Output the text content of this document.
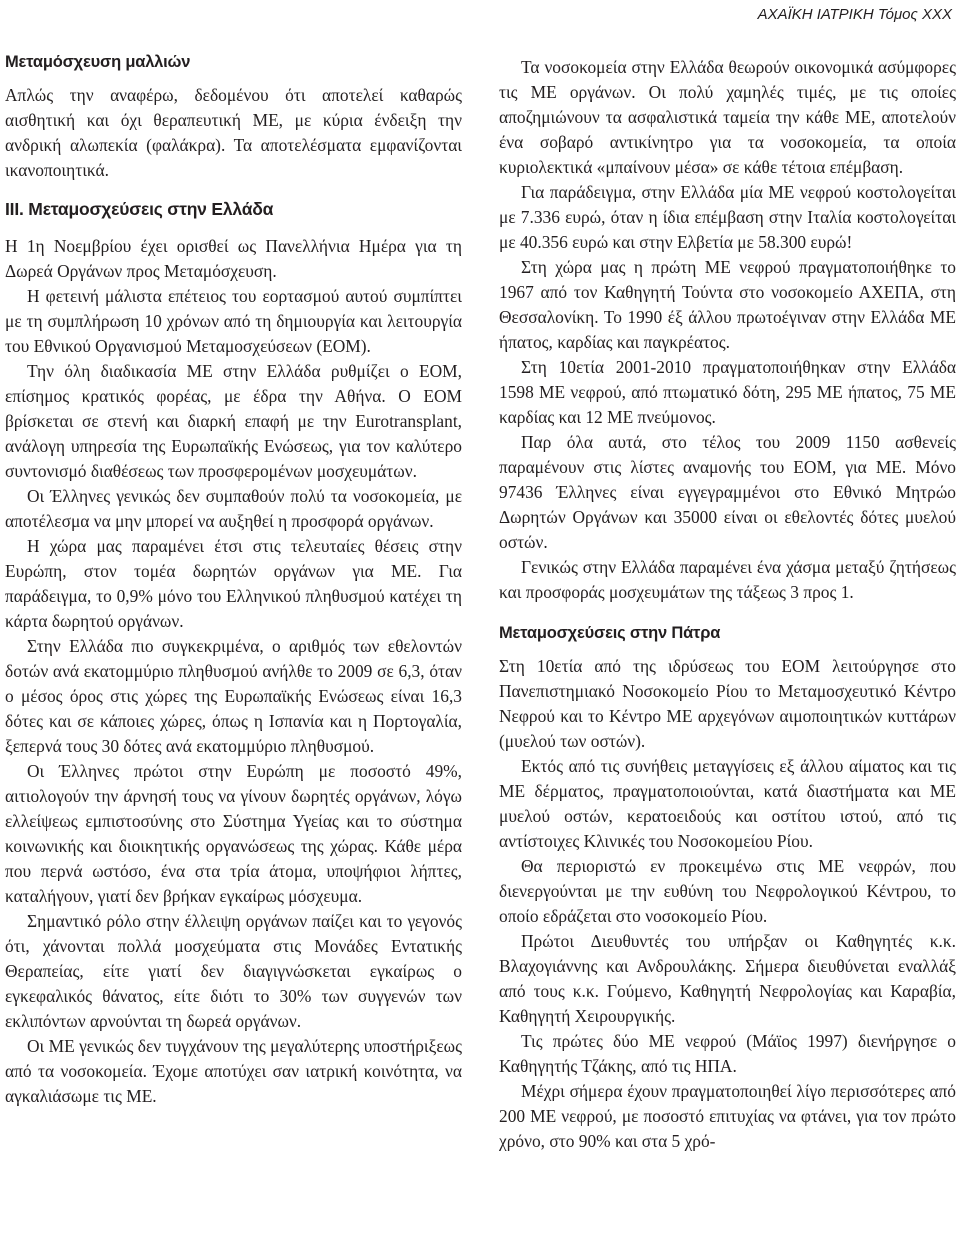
ΑΧΑΪΚΗ ΙΑΤΡΙΚΗ Τόμος XXX
Μεταμόσχευση μαλλιών

Απλώς την αναφέρω, δεδομένου ότι αποτελεί καθαρώς αισθητική και όχι θεραπευτική ΜΕ, με κύρια ένδειξη την ανδρική αλωπεκία (φαλάκρα). Τα αποτελέσματα εμφανίζονται ικανοποιητικά.

ΙΙΙ. Μεταμοσχεύσεις στην Ελλάδα

Η 1η Νοεμβρίου έχει ορισθεί ως Πανελλήνια Ημέρα για τη Δωρεά Οργάνων προς Μεταμόσχευση.

Η φετεινή μάλιστα επέτειος του εορτασμού αυτού συμπίπτει με τη συμπλήρωση 10 χρόνων από τη δημιουργία και λειτουργία του Εθνικού Οργανισμού Μεταμοσχεύσεων (ΕΟΜ).

Την όλη διαδικασία ΜΕ στην Ελλάδα ρυθμίζει ο ΕΟΜ, επίσημος κρατικός φορέας, με έδρα την Αθήνα. Ο ΕΟΜ βρίσκεται σε στενή και διαρκή επαφή με την Eurotransplant, ανάλογη υπηρεσία της Ευρωπαϊκής Ενώσεως, για τον καλύτερο συντονισμό διαθέσεως των προσφερομένων μοσχευμάτων.

Οι Έλληνες γενικώς δεν συμπαθούν πολύ τα νοσοκομεία, με αποτέλεσμα να μην μπορεί να αυξηθεί η προσφορά οργάνων.

Η χώρα μας παραμένει έτσι στις τελευταίες θέσεις στην Ευρώπη, στον τομέα δωρητών οργάνων για ΜΕ. Για παράδειγμα, το 0,9% μόνο του Ελληνικού πληθυσμού κατέχει τη κάρτα δωρητού οργάνων.

Στην Ελλάδα πιο συγκεκριμένα, ο αριθμός των εθελοντών δοτών ανά εκατομμύριο πληθυσμού ανήλθε το 2009 σε 6,3, όταν ο μέσος όρος στις χώρες της Ευρωπαϊκής Ενώσεως είναι 16,3 δότες και σε κάποιες χώρες, όπως η Ισπανία και η Πορτογαλία, ξεπερνά τους 30 δότες ανά εκατομμύριο πληθυσμού.

Οι Έλληνες πρώτοι στην Ευρώπη με ποσοστό 49%, αιτιολογούν την άρνησή τους να γίνουν δωρητές οργάνων, λόγω ελλείψεως εμπιστοσύνης στο Σύστημα Υγείας και το σύστημα κοινωνικής και διοικητικής οργανώσεως της χώρας. Κάθε μέρα που περνά ωστόσο, ένα στα τρία άτομα, υποψήφιοι λήπτες, καταλήγουν, γιατί δεν βρήκαν εγκαίρως μόσχευμα.

Σημαντικό ρόλο στην έλλειψη οργάνων παίζει και το γεγονός ότι, χάνονται πολλά μοσχεύματα στις Μονάδες Εντατικής Θεραπείας, είτε γιατί δεν διαγιγνώσκεται εγκαίρως ο εγκεφαλικός θάνατος, είτε διότι το 30% των συγγενών των εκλιπόντων αρνούνται τη δωρεά οργάνων.

Οι ΜΕ γενικώς δεν τυγχάνουν της μεγαλύτερης υποστήριξεως από τα νοσοκομεία. Έχομε αποτύχει σαν ιατρική κοινότητα, να αγκαλιάσωμε τις ΜΕ.

Τα νοσοκομεία στην Ελλάδα θεωρούν οικονομικά ασύμφορες τις ΜΕ οργάνων. Οι πολύ χαμηλές τιμές, με τις οποίες αποζημιώνουν τα ασφαλιστικά ταμεία την κάθε ΜΕ, αποτελούν ένα σοβαρό αντικίνητρο για τα νοσοκομεία, τα οποία κυριολεκτικά «μπαίνουν μέσα» σε κάθε τέτοια επέμβαση.

Για παράδειγμα, στην Ελλάδα μία ΜΕ νεφρού κοστολογείται με 7.336 ευρώ, όταν η ίδια επέμβαση στην Ιταλία κοστολογείται με 40.356 ευρώ και στην Ελβετία με 58.300 ευρώ!

Στη χώρα μας η πρώτη ΜΕ νεφρού πραγματοποιήθηκε το 1967 από τον Καθηγητή Τούντα στο νοσοκομείο ΑΧΕΠΑ, στη Θεσσαλονίκη. Το 1990 έξ άλλου πρωτοέγιναν στην Ελλάδα ΜΕ ήπατος, καρδίας και παγκρέατος.

Στη 10ετία 2001-2010 πραγματοποιήθηκαν στην Ελλάδα 1598 ΜΕ νεφρού, από πτωματικό δότη, 295 ΜΕ ήπατος, 75 ΜΕ καρδίας και 12 ΜΕ πνεύμονος.

Παρ όλα αυτά, στο τέλος του 2009 1150 ασθενείς παραμένουν στις λίστες αναμονής του ΕΟΜ, για ΜΕ. Μόνο 97436 Έλληνες είναι εγγεγραμμένοι στο Εθνικό Μητρώο Δωρητών Οργάνων και 35000 είναι οι εθελοντές δότες μυελού οστών.

Γενικώς στην Ελλάδα παραμένει ένα χάσμα μεταξύ ζητήσεως και προσφοράς μοσχευμάτων της τάξεως 3 προς 1.

Μεταμοσχεύσεις στην Πάτρα

Στη 10ετία από της ιδρύσεως του ΕΟΜ λειτούργησε στο Πανεπιστημιακό Νοσοκομείο Ρίου το Μεταμοσχευτικό Κέντρο Νεφρού και το Κέντρο ΜΕ αρχεγόνων αιμοποιητικών κυττάρων (μυελού των οστών).

Εκτός από τις συνήθεις μεταγγίσεις εξ άλλου αίματος και τις ΜΕ δέρματος, πραγματοποιούνται, κατά διαστήματα και ΜΕ μυελού οστών, κερατοειδούς και οστίτου ιστού, από τις αντίστοιχες Κλινικές του Νοσοκομείου Ρίου.

Θα περιοριστώ εν προκειμένω στις ΜΕ νεφρών, που διενεργούνται με την ευθύνη του Νεφρολογικού Κέντρου, το οποίο εδράζεται στο νοσοκομείο Ρίου.

Πρώτοι Διευθυντές του υπήρξαν οι Καθηγητές κ.κ. Βλαχογιάννης και Ανδρουλάκης. Σήμερα διευθύνεται εναλλάξ από τους κ.κ. Γούμενο, Καθηγητή Νεφρολογίας και Καραβία, Καθηγητή Χειρουργικής.

Τις πρώτες δύο ΜΕ νεφρού (Μάϊος 1997) διενήργησε ο Καθηγητής Τζάκης, από τις ΗΠΑ.

Μέχρι σήμερα έχουν πραγματοποιηθεί λίγο περισσότερες από 200 ΜΕ νεφρού, με ποσοστό επιτυχίας να φτάνει, για τον πρώτο χρόνο, στο 90% και στα 5 χρό-
